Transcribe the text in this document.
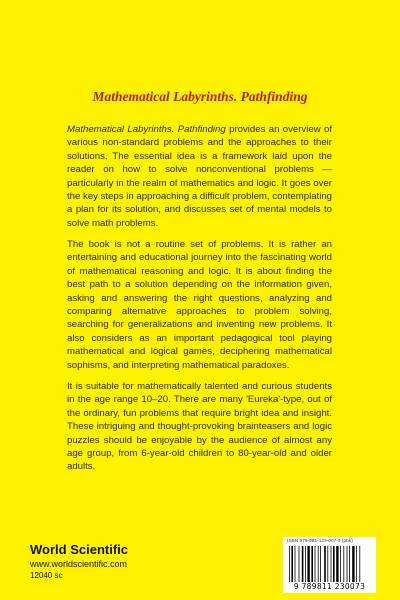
Mathematical Labyrinths. Pathfinding

Mathematical Labyrinths. Pathfinding provides an overview of various non-standard problems and the approaches to their solutions. The essential idea is a framework laid upon the reader on how to solve nonconventional problems — particularly in the realm of mathematics and logic. It goes over the key steps in approaching a difficult problem, contemplating a plan for its solution, and discusses set of mental models to solve math problems.

The book is not a routine set of problems. It is rather an entertaining and educational journey into the fascinating world of mathematical reasoning and logic. It is about finding the best path to a solution depending on the information given, asking and answering the right questions, analyzing and comparing alternative approaches to problem solving, searching for generalizations and inventing new problems. It also considers as an important pedagogical tool playing mathematical and logical games, deciphering mathematical sophisms, and interpreting mathematical paradoxes.

It is suitable for mathematically talented and curious students in the age range 10–20. There are many 'Eureka'-type, out of the ordinary, fun problems that require bright idea and insight. These intriguing and thought-provoking brainteasers and logic puzzles should be enjoyable by the audience of almost any age group, from 6-year-old children to 80-year-old and older adults.

World Scientific
www.worldscientific.com
12040 sc
ISBN 978-981-123-007-3 (pbk)
9 789811 230073
